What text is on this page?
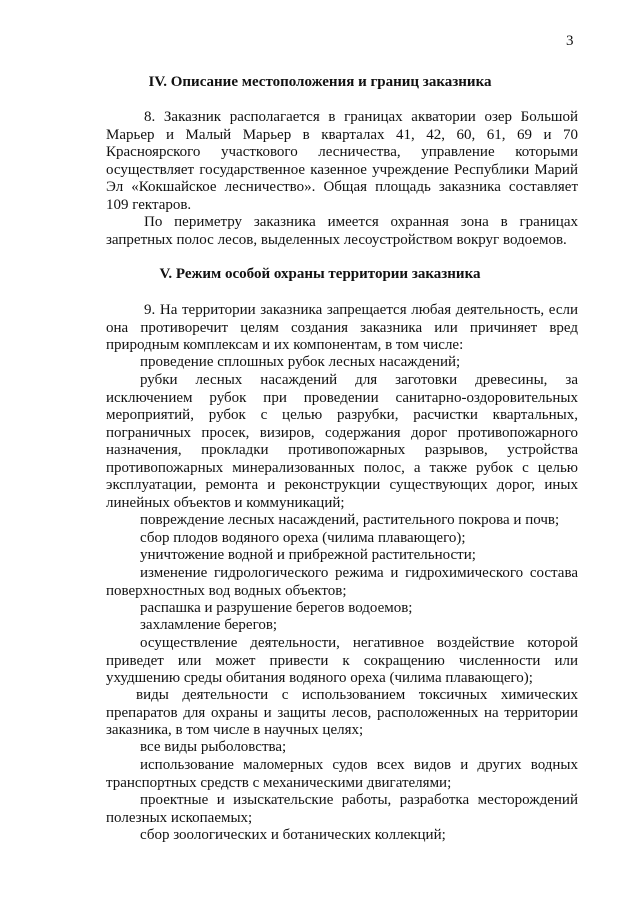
3
IV. Описание местоположения и границ заказника
8. Заказник располагается в границах акватории озер Большой Марьер и Малый Марьер в кварталах 41, 42, 60, 61, 69 и 70 Красноярского участкового лесничества, управление которыми осуществляет государственное казенное учреждение Республики Марий Эл «Кокшайское лесничество». Общая площадь заказника составляет 109 гектаров.
По периметру заказника имеется охранная зона в границах запретных полос лесов, выделенных лесоустройством вокруг водоемов.
V. Режим особой охраны территории заказника
9. На территории заказника запрещается любая деятельность, если она противоречит целям создания заказника или причиняет вред природным комплексам и их компонентам, в том числе:
проведение сплошных рубок лесных насаждений;
рубки лесных насаждений для заготовки древесины, за исключением рубок при проведении санитарно-оздоровительных мероприятий, рубок с целью разрубки, расчистки квартальных, пограничных просек, визиров, содержания дорог противопожарного назначения, прокладки противопожарных разрывов, устройства противопожарных минерализованных полос, а также рубок с целью эксплуатации, ремонта и реконструкции существующих дорог, иных линейных объектов и коммуникаций;
повреждение лесных насаждений, растительного покрова и почв;
сбор плодов водяного ореха (чилима плавающего);
уничтожение водной и прибрежной растительности;
изменение гидрологического режима и гидрохимического состава поверхностных вод водных объектов;
распашка и разрушение берегов водоемов;
захламление берегов;
осуществление деятельности, негативное воздействие которой приведет или может привести к сокращению численности или ухудшению среды обитания водяного ореха (чилима плавающего);
виды деятельности с использованием токсичных химических препаратов для охраны и защиты лесов, расположенных на территории заказника, в том числе в научных целях;
все виды рыболовства;
использование маломерных судов всех видов и других водных транспортных средств с механическими двигателями;
проектные и изыскательские работы, разработка месторождений полезных ископаемых;
сбор зоологических и ботанических коллекций;
